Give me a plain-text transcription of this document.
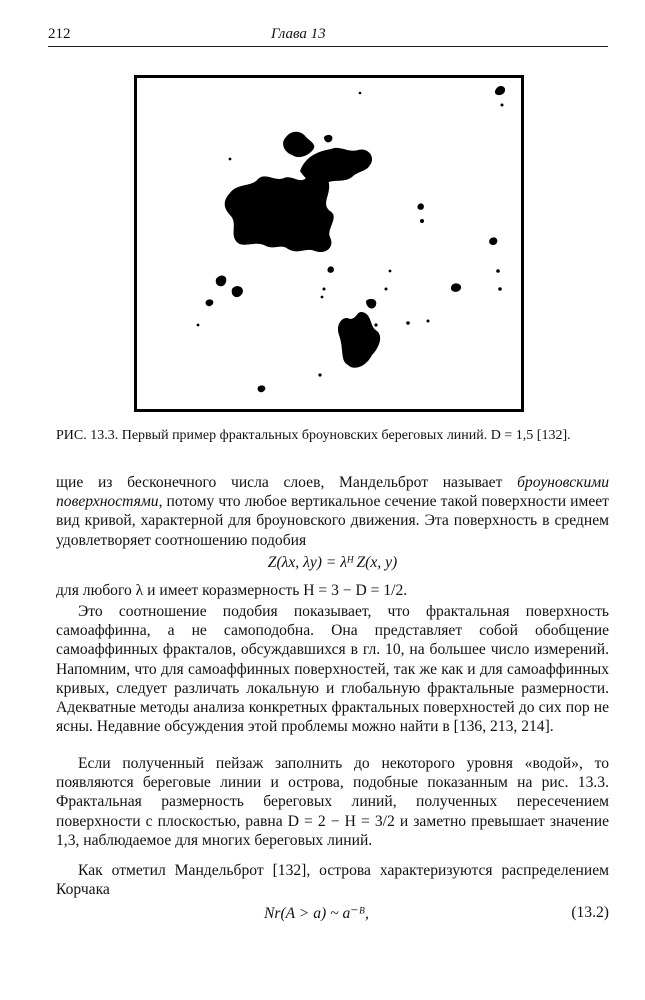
212	Глава 13
РИС. 13.3. Первый пример фрактальных броуновских береговых линий. D = 1,5 [132].
щие из бесконечного числа слоев, Мандельброт называет броуновскими поверхностями, потому что любое вертикальное сечение такой поверхности имеет вид кривой, характерной для броуновского движения. Эта поверхность в среднем удовлетворяет соотношению подобия
Z(λx, λy) = λᴴ Z(x, y)
для любого λ и имеет коразмерность H = 3 − D = 1/2.
Это соотношение подобия показывает, что фрактальная поверхность самоаффинна, а не самоподобна. Она представляет собой обобщение самоаффинных фракталов, обсуждавшихся в гл. 10, на большее число измерений. Напомним, что для самоаффинных поверхностей, так же как и для самоаффинных кривых, следует различать локальную и глобальную фрактальные размерности. Адекватные методы анализа конкретных фрактальных поверхностей до сих пор не ясны. Недавние обсуждения этой проблемы можно найти в [136, 213, 214].
Если полученный пейзаж заполнить до некоторого уровня «водой», то появляются береговые линии и острова, подобные показанным на рис. 13.3. Фрактальная размерность береговых линий, полученных пересечением поверхности с плоскостью, равна D = 2 − H = 3/2 и заметно превышает значение 1,3, наблюдаемое для многих береговых линий.
Как отметил Мандельброт [132], острова характеризуются распределением Корчака
Nr(A > a) ~ a⁻ᴮ,	(13.2)
